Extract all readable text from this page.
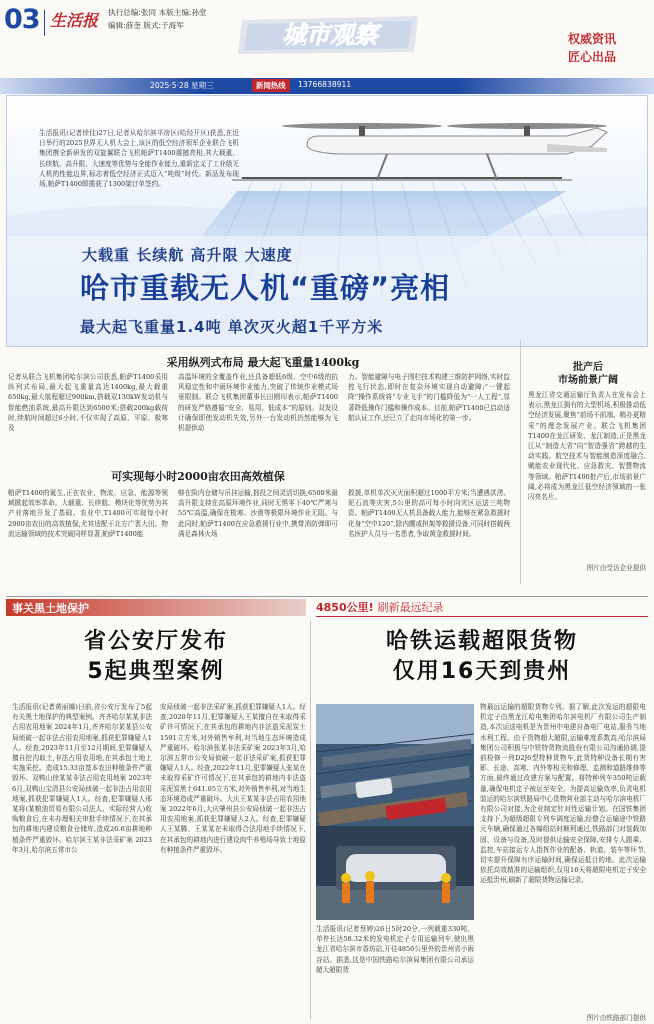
03 生活报 执行总编:张同 本版主编:孙堂
编辑:薛奎 版式:于海军	城市观察	权威资讯
匠心出品
2025·5·28 星期三	新闻热线	13766838911
生活报讯(记者徐佳)27日,记者从哈尔滨平房区(哈经开区)获悉,在近日举行的2025世界无人机大会上,该区的低空经济领军企业联合飞机集团携全新研发的双旋翼联合飞机帕萨T1400震撼亮相,其大载重、长续航、高升限、大速度等优势与全能作业能力,重新定义了工业级无人机的性能边界,标志着低空经济正式迈入“吨级”时代。新品发布现场,帕萨T1400即揽获了1300架订单签约。
大载重 长续航 高升限 大速度
哈市重载无人机“重磅”亮相
最大起飞重量1.4吨 单次灭火超1千平方米
采用纵列式布局 最大起飞重量1400kg
记者从联合飞机集团哈尔滨公司获悉,帕萨T1400采用纵列式布局,最大起飞重量高达1400kg,最大载重650kg,最大航程超过900km,搭载双130kW发动机与智能燃油系统,最高升限达到6500米;搭载200kg载荷时,续航时间超过6小时,不仅实现了高原、平原、极寒及
高温环境的全覆盖作业,还具备超低6级、空中6级的抗风稳定性和中雨环境作业能力,突破了传统作业模式场景限制。联合飞机集团董事长田刚印表示,帕萨T1400的研发严格遵循“安全、易用、低成本”的原则。双发设计确保即使发动机失效,另外一台发动机仍然能够为飞机提供动
力。智能避障与电子围栏技术构建三维防护网络,实时监控飞行状态,即时在复杂环境实现自动避障;“一键起降”操作系统将“专业飞手”的门槛降低为“一人工程”,显著降低操作门槛和操作成本。目前,帕萨T1400已启动适航认证工作,还已立了走向市场化的第一步。
可实现每小时2000亩农田高效植保
帕萨T1400的诞生,正在农业、物流、应急、能源等领域掀起效率革命。大载重、长续航、模块化等优势为其产业落地开发了基础。农业中,T1400可实现每小时2000亩农田的高效植保,尤其适配于北方广袤大田。物流运输领域的技术突破同样显著,帕萨T1400能
够在险内仓储与吊挂运输,拙投之间灵活切换,6500米最高升限支持在高原环境作业,同时无惧零下40℃严寒与55℃高温,确保在极寒、沙漠等极限环境作业无阻。与此同时,帕萨T1400在应急救援行业中,携带消防弹即可满足森林火场
救援,单机单次灭火面积超过1000平方米;当遭遇洪涝、泥石流等灾害,5公里的高可每小时向灾区运送三吨物资。帕萨T1400无人机具备载人能力,能够在紧急救援时化身“空中120”,除内腰或担架等救援设备,可同时搭载两名医护人员与一名患者,争取黄金救援时间。
批产后
市场前景广阔
黑龙江省交通运输厅负责人在发布会上表示,黑龙江拥有的大型机场,积极推动低空经济发展,聚焦“前场不前端、精办更精采”的理念发展产业。联合飞机集团T1400在龙江研发、龙江制造,正是黑龙江从“制造大省”向“智造强省”跨越的生动实践。航空技术与智能制造深度融合,赋能农业现代化、应急救灾、智慧物流等领域。帕萨T1400批产后,市场前景广阔,必将成为黑龙江低空经济领域的一张闪亮名片。
图片由受访企业提供
事关黑土地保护	4850公里! 刷新最远纪录
省公安厅发布
5起典型案例
生活报讯(记者黄丽娜)日前,省公安厅发布了5起有关黑土地保护的典型案例。齐齐哈尔某某非法占用农用地案 2024年1月,齐齐哈尔某某县公安局侦破一起非法占用农用地案,抓获犯罪嫌疑人1人。经查,2023年11月至12月期间,犯罪嫌疑人擅自挖沟取土,非法占用农用地,在其承包土地上实施采挖。造成15.33亩基本农田种植条件严重毁坏。双鸭山徐某某非法占用农用地案 2023年6月,双鸭山宝清县公安局侦破一起非法占用农用地案,抓获犯罪嫌疑人1人。经查,犯罪嫌疑人邢某将(某粮油贸易有限公司法人、实际经营人)收购粮食后,在未办理相关审批手续情况下,在其承包的耕地内建设粮食仓储库,造成26.6亩耕地种植条件严重毁坏。哈尔滨王某非法采矿案 2023年3月,哈尔滨五常市公
安局侦破一起非法采矿案,抓获犯罪嫌疑人1人。经查,2020年11月,犯罪嫌疑人王某擅自在未取得采矿许可情况下,在其承包的耕地内非法盗采泥炭土1591立方米,对外销售牟利,对当地生态环境造成严重破坏。哈尔滨张某非法采矿案 2023年3月,哈尔滨五常市公安局侦破一起非法采矿案,抓获犯罪嫌疑人1人。经查,2022年11月,犯罪嫌疑人张某在未取得采矿许可情况下,在其承包的耕地内非法盗采泥炭黑土641.05立方米,对外销售牟利,对当地生态环境造成严重破坏。大庆王某某非法占用农用地案 2022年6月,大庆肇州县公安局侦破一起非法占用农用地案,抓获犯罪嫌疑人2人。经查,犯罪嫌疑人王某腾、王某某在未取得合法用地手续情况下,在其承包的耕地内进行建设肉牛养殖场导致土地原有种植条件严重毁坏。
哈铁运载超限货物
仅用16天到贵州
物最远运输的超限货物专列。据了解,此次发运的超限电机定子由黑龙江哈电集团哈尔滨电机厂有限公司生产制造,本次运送电机是为贵州中电建自备电厂电站,服务当地水利工程。由于货物超大超限,运输难度系数高,哈尔滨局集团公司积极与中铁特货物流股份有限公司沟通协调,提前检修一列D2J6型特种货物车,此货特种设备长期有害影、长途、高寒、内外等相关和修理、监测和道路维修等方面,最终通过改建方案与配置。将特种列车350吨运载量,确保电机定子被运至安全。为提高运输效率,负责电机装运的哈尔滨铁路局中心货物营业部主动与哈尔滨电机厂有限公司对接,为企业制定针对性运输计划。在国铁集团支持下,为超级超限专列车调度运输,经整合运输途中铁路元车辆,确保通过各编组站时顺利通过,铁路部门对装载加固、设备与设备,及时提供运输安全保障,安排专人跟乘、监控,车站接运专人指挥作业的配备、轨道、装车等环节,切实提升保障有序运输时间,确保运抵目的地。此次运输依托高效精准的运输组织,仅用16天将超限电机定子安全运抵贵州,刷新了超限货物运输记录。
生活报讯(记者蔡婷)26日5时20分,一列载重330吨、单件长达58.32米的发电机定子专用运输列车,驶出黑龙江省哈尔滨市香坊站,开往4850公里外的贵州省小雨谷站。据悉,这是中国铁路哈尔滨局集团有限公司承运超大超限货
图片由铁路部门提供
